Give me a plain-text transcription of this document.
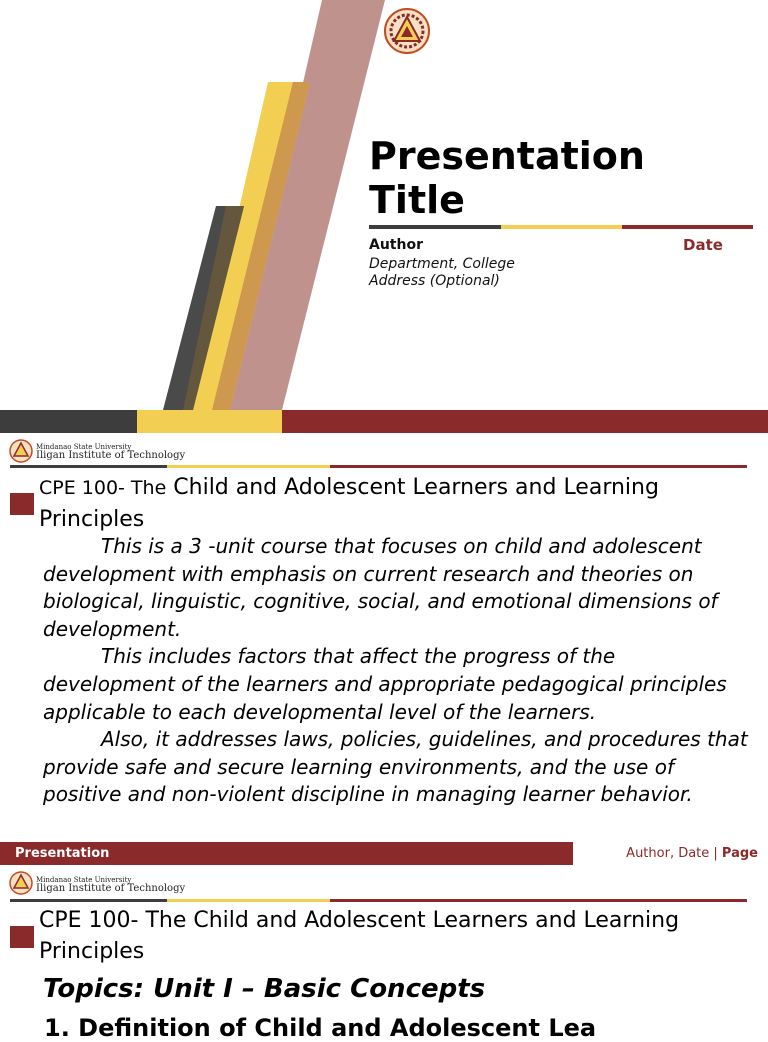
Presentation
Title
Author	Date
Department, College
Address (Optional)
Mindanao State University
Iligan Institute of Technology
CPE 100- The Child and Adolescent Learners and Learning Principles

This is a 3 -unit course that focuses on child and adolescent development with emphasis on current research and theories on biological, linguistic, cognitive, social, and emotional dimensions of development.

This includes factors that affect the progress of the development of the learners and appropriate pedagogical principles applicable to each developmental level of the learners.

Also, it addresses laws, policies, guidelines, and procedures that provide safe and secure learning environments, and the use of positive and non-violent discipline in managing learner behavior.

Presentation	Author, Date | Page
Mindanao State University
Iligan Institute of Technology
CPE 100- The Child and Adolescent Learners and Learning Principles
Topics: Unit I – Basic Concepts
1. Definition of Child and Adolescent Lea
